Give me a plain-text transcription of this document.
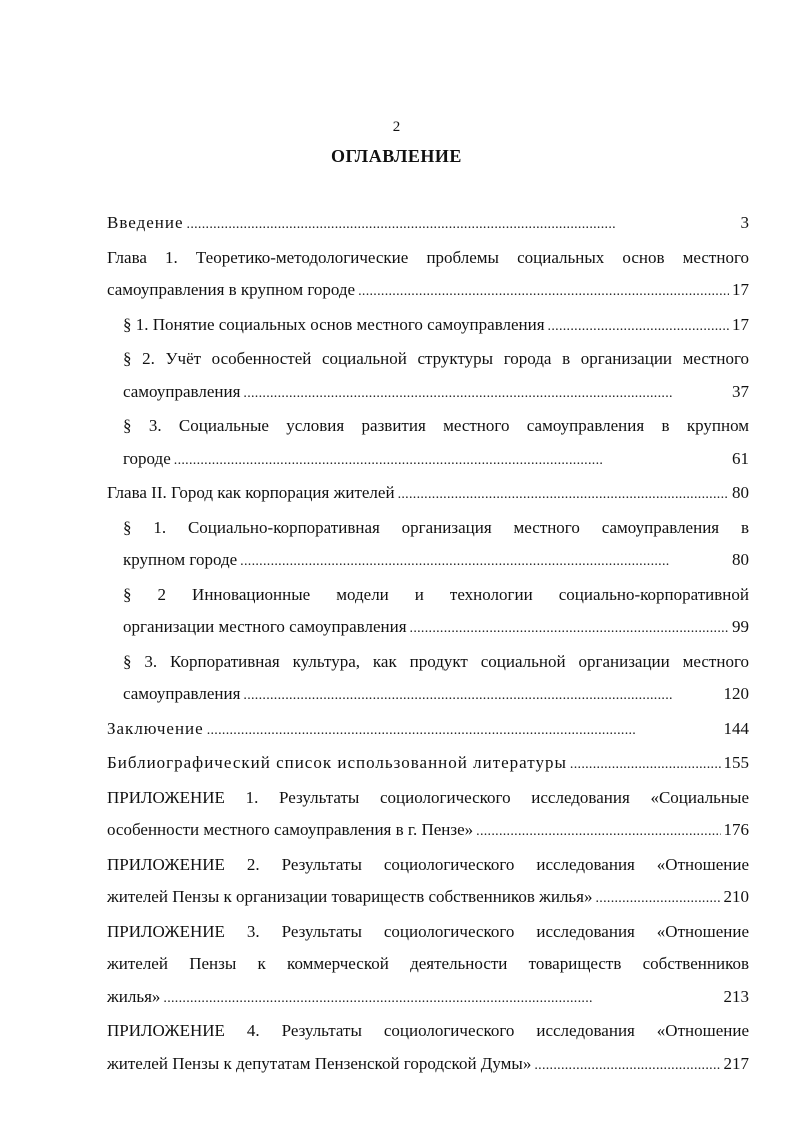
2
ОГЛАВЛЕНИЕ
Введение . . .	3
Глава 1. Теоретико-методологические проблемы социальных основ местного
самоуправления в крупном городе . . .	17
§ 1. Понятие социальных основ местного самоуправления . . .	17
§ 2. Учёт особенностей социальной структуры города в организации местного
самоуправления . . .	37
§ 3. Социальные условия развития местного самоуправления в крупном
городе . . .	61
Глава II. Город как корпорация жителей . . .	80
§ 1. Социально-корпоративная организация местного самоуправления в
крупном городе . . .	80
§ 2 Инновационные модели и технологии социально-корпоративной
организации местного самоуправления . . .	99
§ 3. Корпоративная культура, как продукт социальной организации местного
самоуправления . . .	120
Заключение . . .	144
Библиографический список использованной литературы . . .	155
ПРИЛОЖЕНИЕ 1. Результаты социологического исследования «Социальные
особенности местного самоуправления в г. Пензе» . . .	176
ПРИЛОЖЕНИЕ 2. Результаты социологического исследования «Отношение
жителей Пензы к организации товариществ собственников жилья» . . .	210
ПРИЛОЖЕНИЕ 3. Результаты социологического исследования «Отношение
жителей Пензы к коммерческой деятельности товариществ собственников
жилья» . . .	213
ПРИЛОЖЕНИЕ 4. Результаты социологического исследования «Отношение
жителей Пензы к депутатам Пензенской городской Думы» . . .	217
